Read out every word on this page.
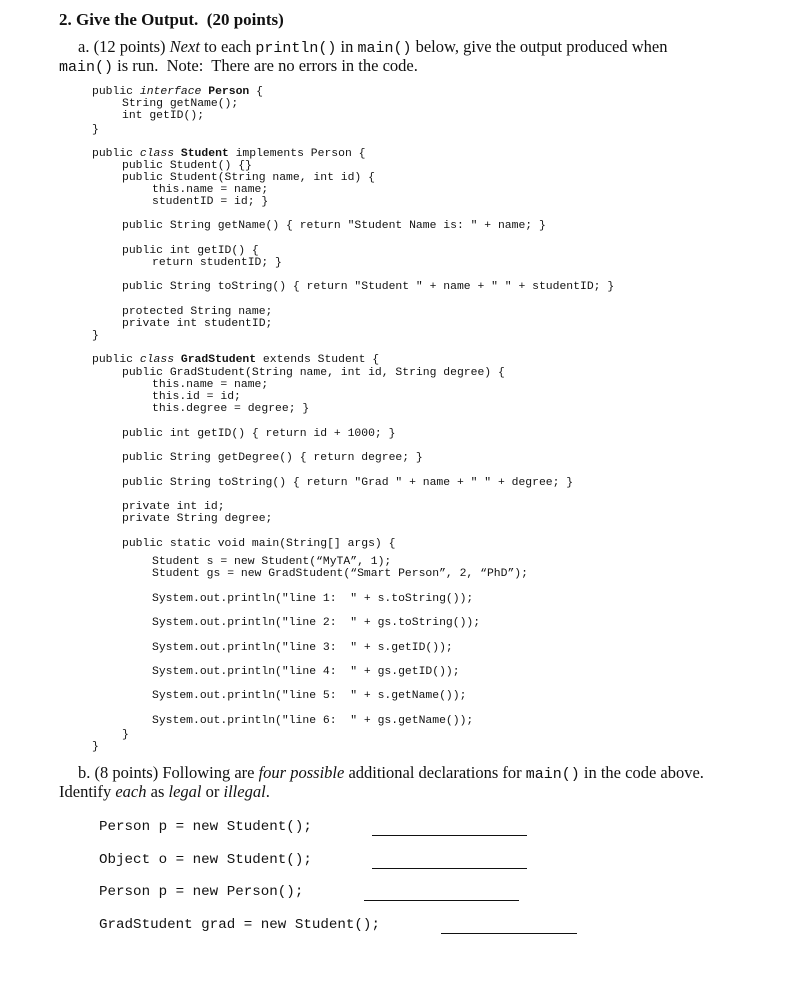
2. Give the Output.  (20 points)
a. (12 points) Next to each println() in main() below, give the output produced when
main() is run.  Note:  There are no errors in the code.
public interface Person {
String getName();
int getID();
}
public class Student implements Person {
public Student() {}
public Student(String name, int id) {
this.name = name;
studentID = id; }
public String getName() { return "Student Name is: " + name; }
public int getID() {
return studentID; }
public String toString() { return "Student " + name + " " + studentID; }
protected String name;
private int studentID;
}
public class GradStudent extends Student {
public GradStudent(String name, int id, String degree) {
this.name = name;
this.id = id;
this.degree = degree; }
public int getID() { return id + 1000; }
public String getDegree() { return degree; }
public String toString() { return "Grad " + name + " " + degree; }
private int id;
private String degree;
public static void main(String[] args) {
Student s = new Student(“MyTA”, 1);
Student gs = new GradStudent(“Smart Person”, 2, “PhD”);
System.out.println("line 1:  " + s.toString());
System.out.println("line 2:  " + gs.toString());
System.out.println("line 3:  " + s.getID());
System.out.println("line 4:  " + gs.getID());
System.out.println("line 5:  " + s.getName());
System.out.println("line 6:  " + gs.getName());
}
}
b. (8 points) Following are four possible additional declarations for main() in the code above.
Identify each as legal or illegal.
Person p = new Student();
Object o = new Student();
Person p = new Person();
GradStudent grad = new Student();
